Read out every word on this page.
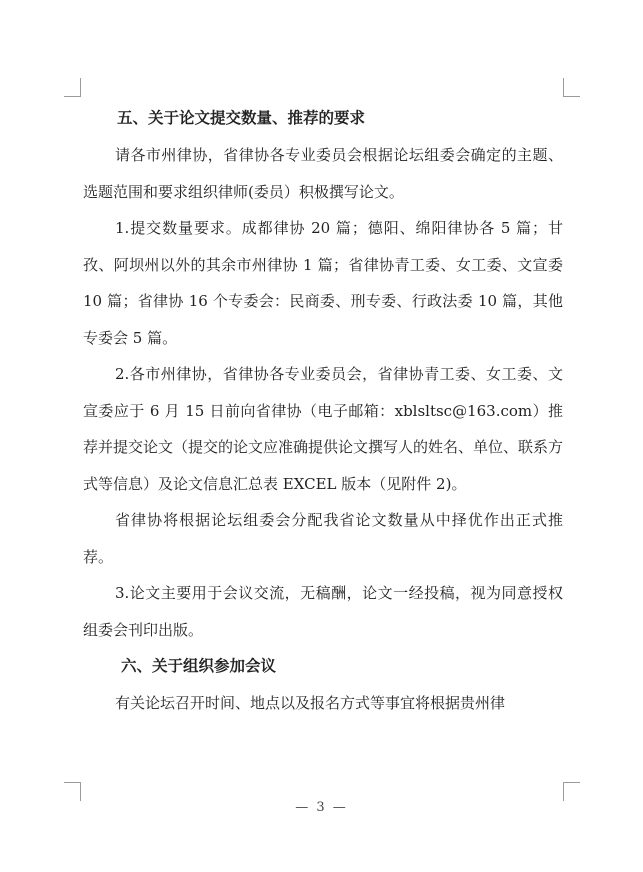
五、关于论文提交数量、推荐的要求

请各市州律协，省律协各专业委员会根据论坛组委会确定的主题、选题范围和要求组织律师(委员）积极撰写论文。

1.提交数量要求。成都律协 20 篇；德阳、绵阳律协各 5 篇；甘孜、阿坝州以外的其余市州律协 1 篇；省律协青工委、女工委、文宣委 10 篇；省律协 16 个专委会：民商委、刑专委、行政法委 10 篇，其他专委会 5 篇。

2.各市州律协，省律协各专业委员会，省律协青工委、女工委、文宣委应于 6 月 15 日前向省律协（电子邮箱：xblsltsc@163.com）推荐并提交论文（提交的论文应准确提供论文撰写人的姓名、单位、联系方式等信息）及论文信息汇总表 EXCEL 版本（见附件 2)。

省律协将根据论坛组委会分配我省论文数量从中择优作出正式推荐。

3.论文主要用于会议交流，无稿酬，论文一经投稿，视为同意授权组委会刊印出版。

六、关于组织参加会议

有关论坛召开时间、地点以及报名方式等事宜将根据贵州律

— 3 —
